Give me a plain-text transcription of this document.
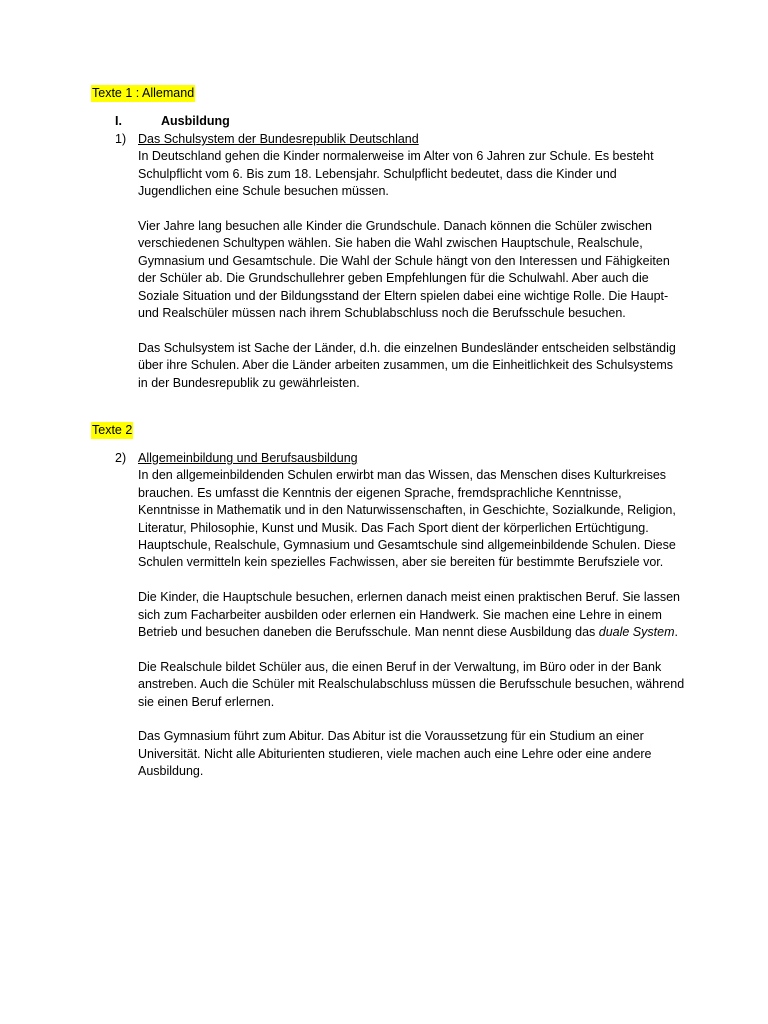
Texte 1 : Allemand
I.	Ausbildung
1) Das Schulsystem der Bundesrepublik Deutschland

In Deutschland gehen die Kinder normalerweise im Alter von 6 Jahren zur Schule. Es besteht Schulpflicht vom 6. Bis zum 18. Lebensjahr. Schulpflicht bedeutet, dass die Kinder und Jugendlichen eine Schule besuchen müssen.

Vier Jahre lang besuchen alle Kinder die Grundschule. Danach können die Schüler zwischen verschiedenen Schultypen wählen. Sie haben die Wahl zwischen Hauptschule, Realschule, Gymnasium und Gesamtschule. Die Wahl der Schule hängt von den Interessen und Fähigkeiten der Schüler ab. Die Grundschullehrer geben Empfehlungen für die Schulwahl. Aber auch die Soziale Situation und der Bildungsstand der Eltern spielen dabei eine wichtige Rolle. Die Haupt- und Realschüler müssen nach ihrem Schublabschluss noch die Berufsschule besuchen.

Das Schulsystem ist Sache der Länder, d.h. die einzelnen Bundesländer entscheiden selbständig über ihre Schulen. Aber die Länder arbeiten zusammen, um die Einheitlichkeit des Schulsystems in der Bundesrepublik zu gewährleisten.

Texte 2
2) Allgemeinbildung und Berufsausbildung

In den allgemeinbildenden Schulen erwirbt man das Wissen, das Menschen dises Kulturkreises brauchen. Es umfasst die Kenntnis der eigenen Sprache, fremdsprachliche Kenntnisse, Kenntnisse in Mathematik und in den Naturwissenschaften, in Geschichte, Sozialkunde, Religion, Literatur, Philosophie, Kunst und Musik. Das Fach Sport dient der körperlichen Ertüchtigung. Hauptschule, Realschule, Gymnasium und Gesamtschule sind allgemeinbildende Schulen. Diese Schulen vermitteln kein spezielles Fachwissen, aber sie bereiten für bestimmte Berufsziele vor.

Die Kinder, die Hauptschule besuchen, erlernen danach meist einen praktischen Beruf. Sie lassen sich zum Facharbeiter ausbilden oder erlernen ein Handwerk. Sie machen eine Lehre in einem Betrieb und besuchen daneben die Berufsschule. Man nennt diese Ausbildung das duale System.

Die Realschule bildet Schüler aus, die einen Beruf in der Verwaltung, im Büro oder in der Bank anstreben. Auch die Schüler mit Realschulabschluss müssen die Berufsschule besuchen, während sie einen Beruf erlernen.

Das Gymnasium führt zum Abitur. Das Abitur ist die Voraussetzung für ein Studium an einer Universität. Nicht alle Abiturienten studieren, viele machen auch eine Lehre oder eine andere Ausbildung.
